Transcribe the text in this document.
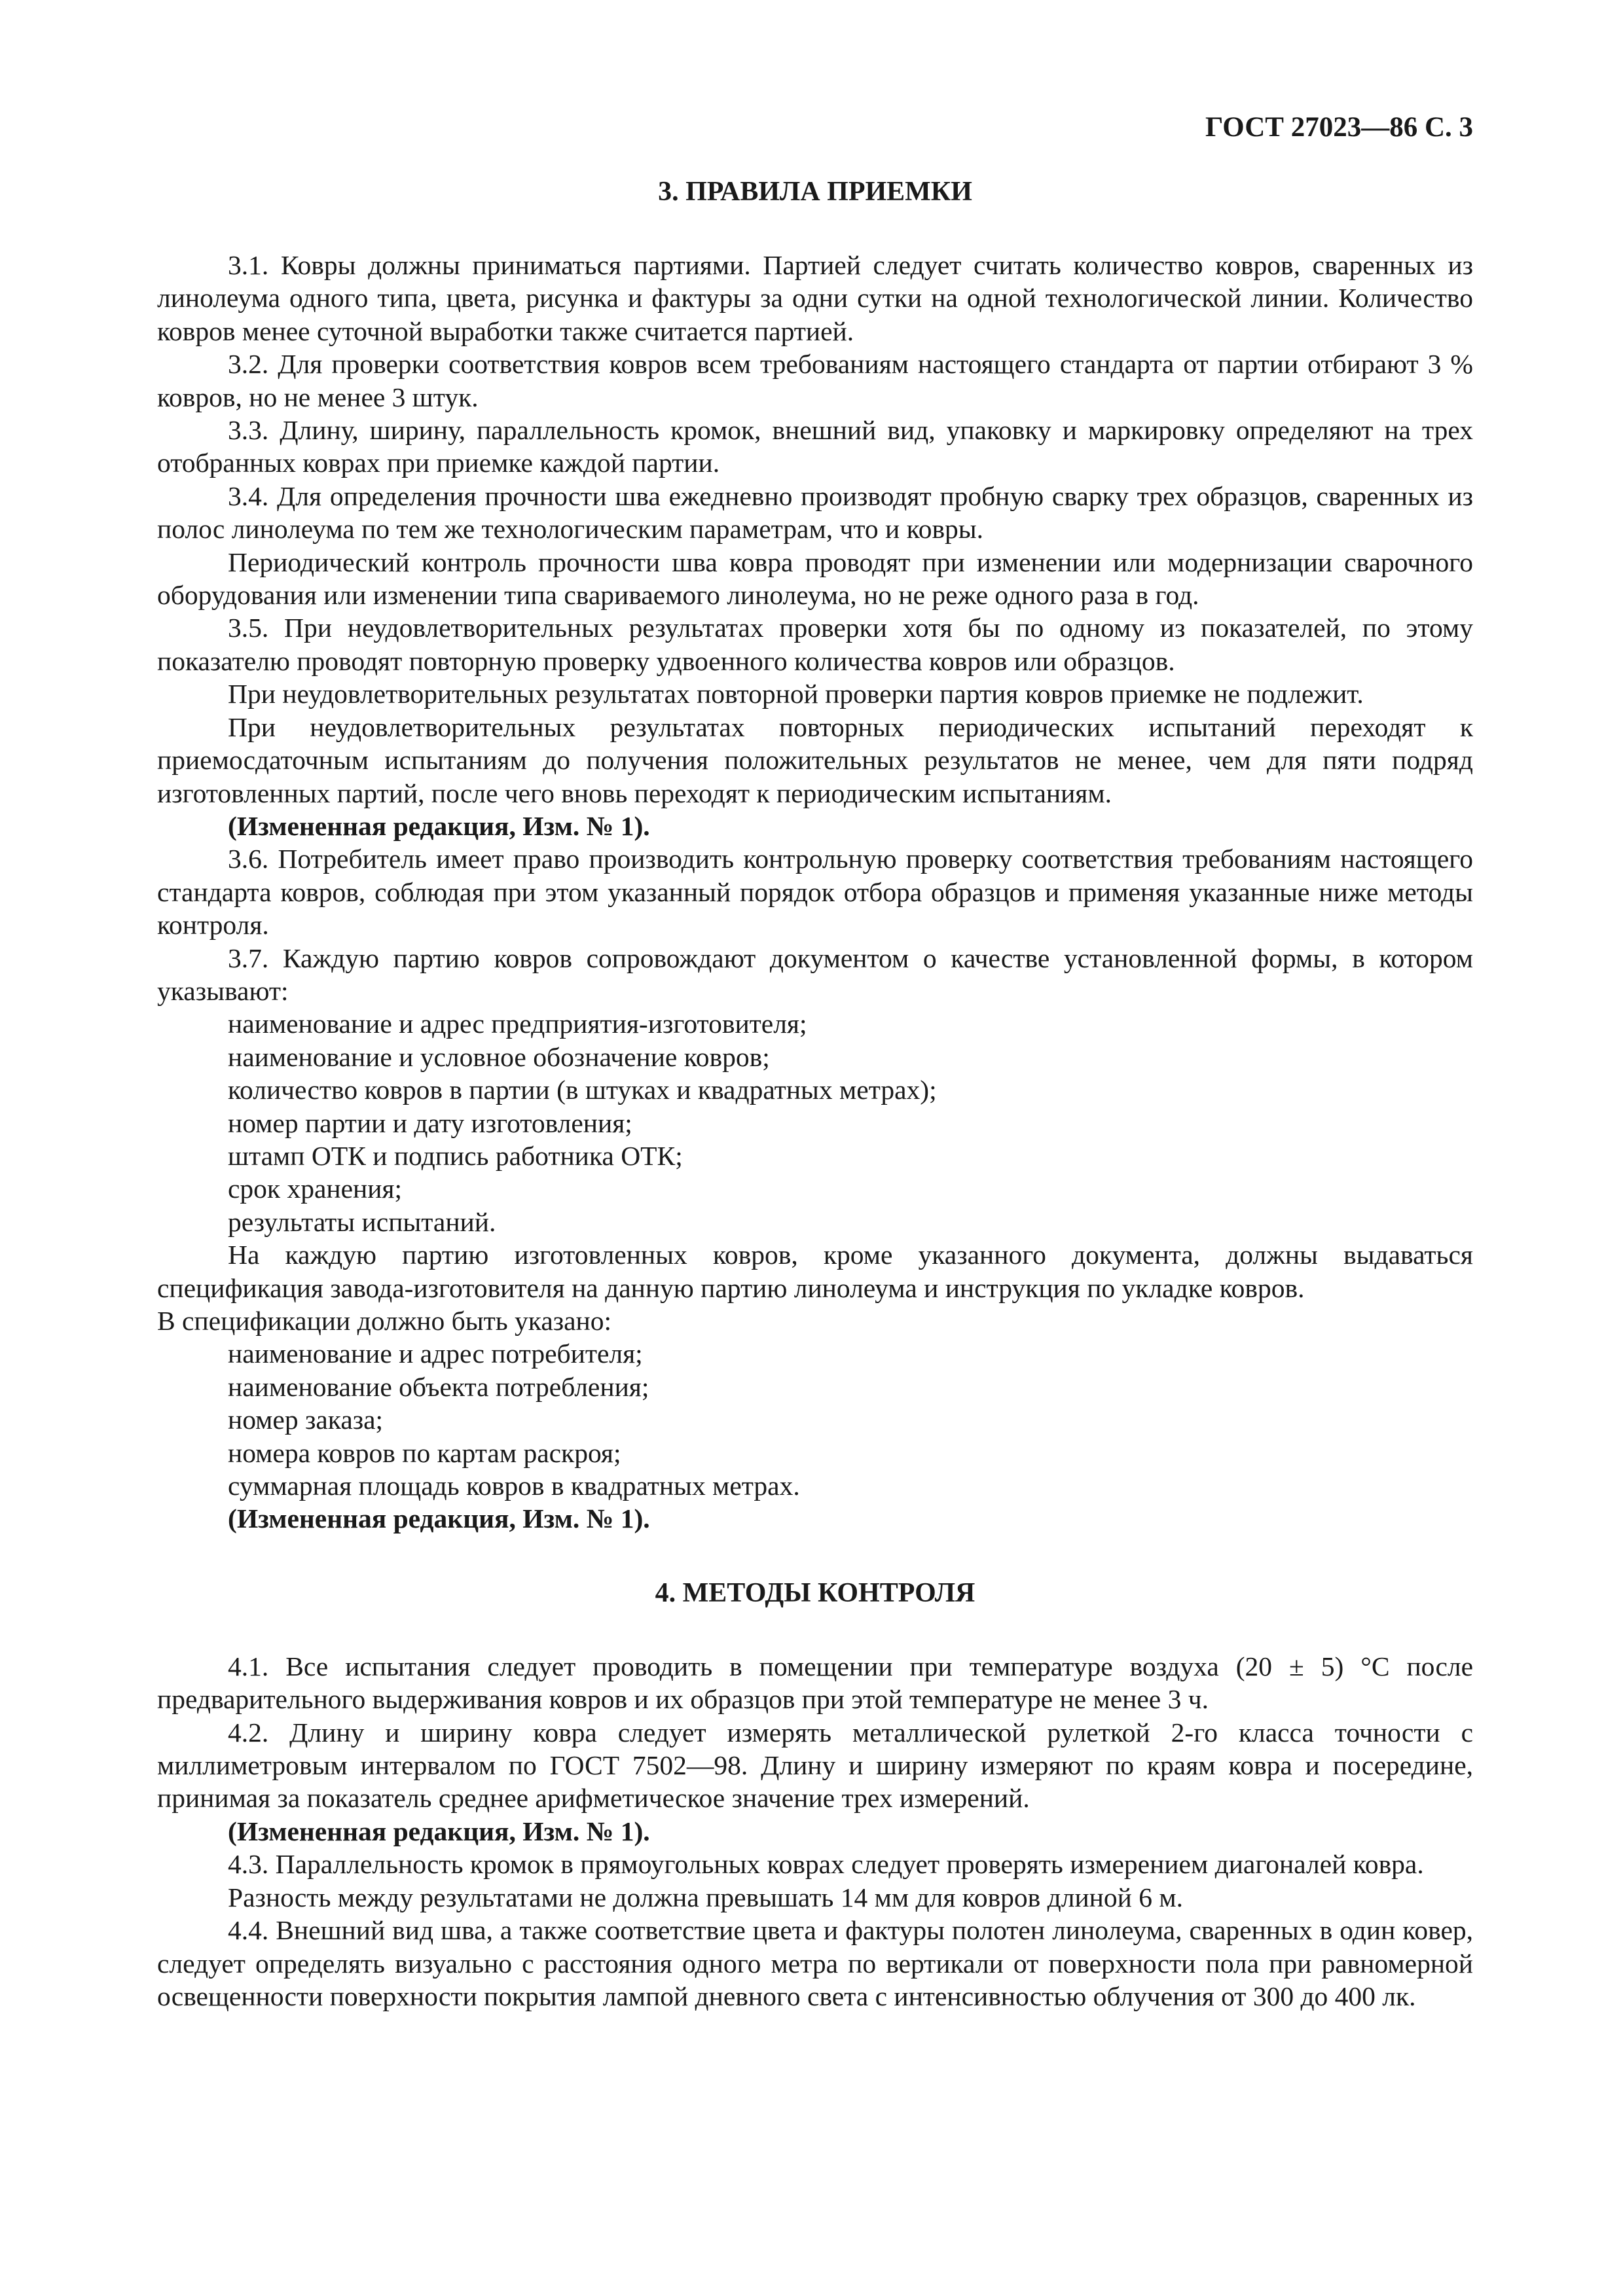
ГОСТ 27023—86 С. 3
3. ПРАВИЛА ПРИЕМКИ

3.1. Ковры должны приниматься партиями. Партией следует считать количество ковров, сваренных из линолеума одного типа, цвета, рисунка и фактуры за одни сутки на одной технологической линии. Количество ковров менее суточной выработки также считается партией.

3.2. Для проверки соответствия ковров всем требованиям настоящего стандарта от партии отбирают 3 % ковров, но не менее 3 штук.

3.3. Длину, ширину, параллельность кромок, внешний вид, упаковку и маркировку определяют на трех отобранных коврах при приемке каждой партии.

3.4. Для определения прочности шва ежедневно производят пробную сварку трех образцов, сваренных из полос линолеума по тем же технологическим параметрам, что и ковры.

Периодический контроль прочности шва ковра проводят при изменении или модернизации сварочного оборудования или изменении типа свариваемого линолеума, но не реже одного раза в год.

3.5. При неудовлетворительных результатах проверки хотя бы по одному из показателей, по этому показателю проводят повторную проверку удвоенного количества ковров или образцов.

При неудовлетворительных результатах повторной проверки партия ковров приемке не подлежит.

При неудовлетворительных результатах повторных периодических испытаний переходят к приемосдаточным испытаниям до получения положительных результатов не менее, чем для пяти подряд изготовленных партий, после чего вновь переходят к периодическим испытаниям.

(Измененная редакция, Изм. № 1).

3.6. Потребитель имеет право производить контрольную проверку соответствия требованиям настоящего стандарта ковров, соблюдая при этом указанный порядок отбора образцов и применяя указанные ниже методы контроля.

3.7. Каждую партию ковров сопровождают документом о качестве установленной формы, в котором указывают:

наименование и адрес предприятия-изготовителя;
наименование и условное обозначение ковров;
количество ковров в партии (в штуках и квадратных метрах);
номер партии и дату изготовления;
штамп ОТК и подпись работника ОТК;
срок хранения;
результаты испытаний.

На каждую партию изготовленных ковров, кроме указанного документа, должны выдаваться спецификация завода-изготовителя на данную партию линолеума и инструкция по укладке ковров.

В спецификации должно быть указано:

наименование и адрес потребителя;
наименование объекта потребления;
номер заказа;
номера ковров по картам раскроя;
суммарная площадь ковров в квадратных метрах.

(Измененная редакция, Изм. № 1).

4. МЕТОДЫ КОНТРОЛЯ

4.1. Все испытания следует проводить в помещении при температуре воздуха (20 ± 5) °С после предварительного выдерживания ковров и их образцов при этой температуре не менее 3 ч.

4.2. Длину и ширину ковра следует измерять металлической рулеткой 2-го класса точности с миллиметровым интервалом по ГОСТ 7502—98. Длину и ширину измеряют по краям ковра и посередине, принимая за показатель среднее арифметическое значение трех измерений.

(Измененная редакция, Изм. № 1).

4.3. Параллельность кромок в прямоугольных коврах следует проверять измерением диагоналей ковра.

Разность между результатами не должна превышать 14 мм для ковров длиной 6 м.

4.4. Внешний вид шва, а также соответствие цвета и фактуры полотен линолеума, сваренных в один ковер, следует определять визуально с расстояния одного метра по вертикали от поверхности пола при равномерной освещенности поверхности покрытия лампой дневного света с интенсивностью облучения от 300 до 400 лк.
